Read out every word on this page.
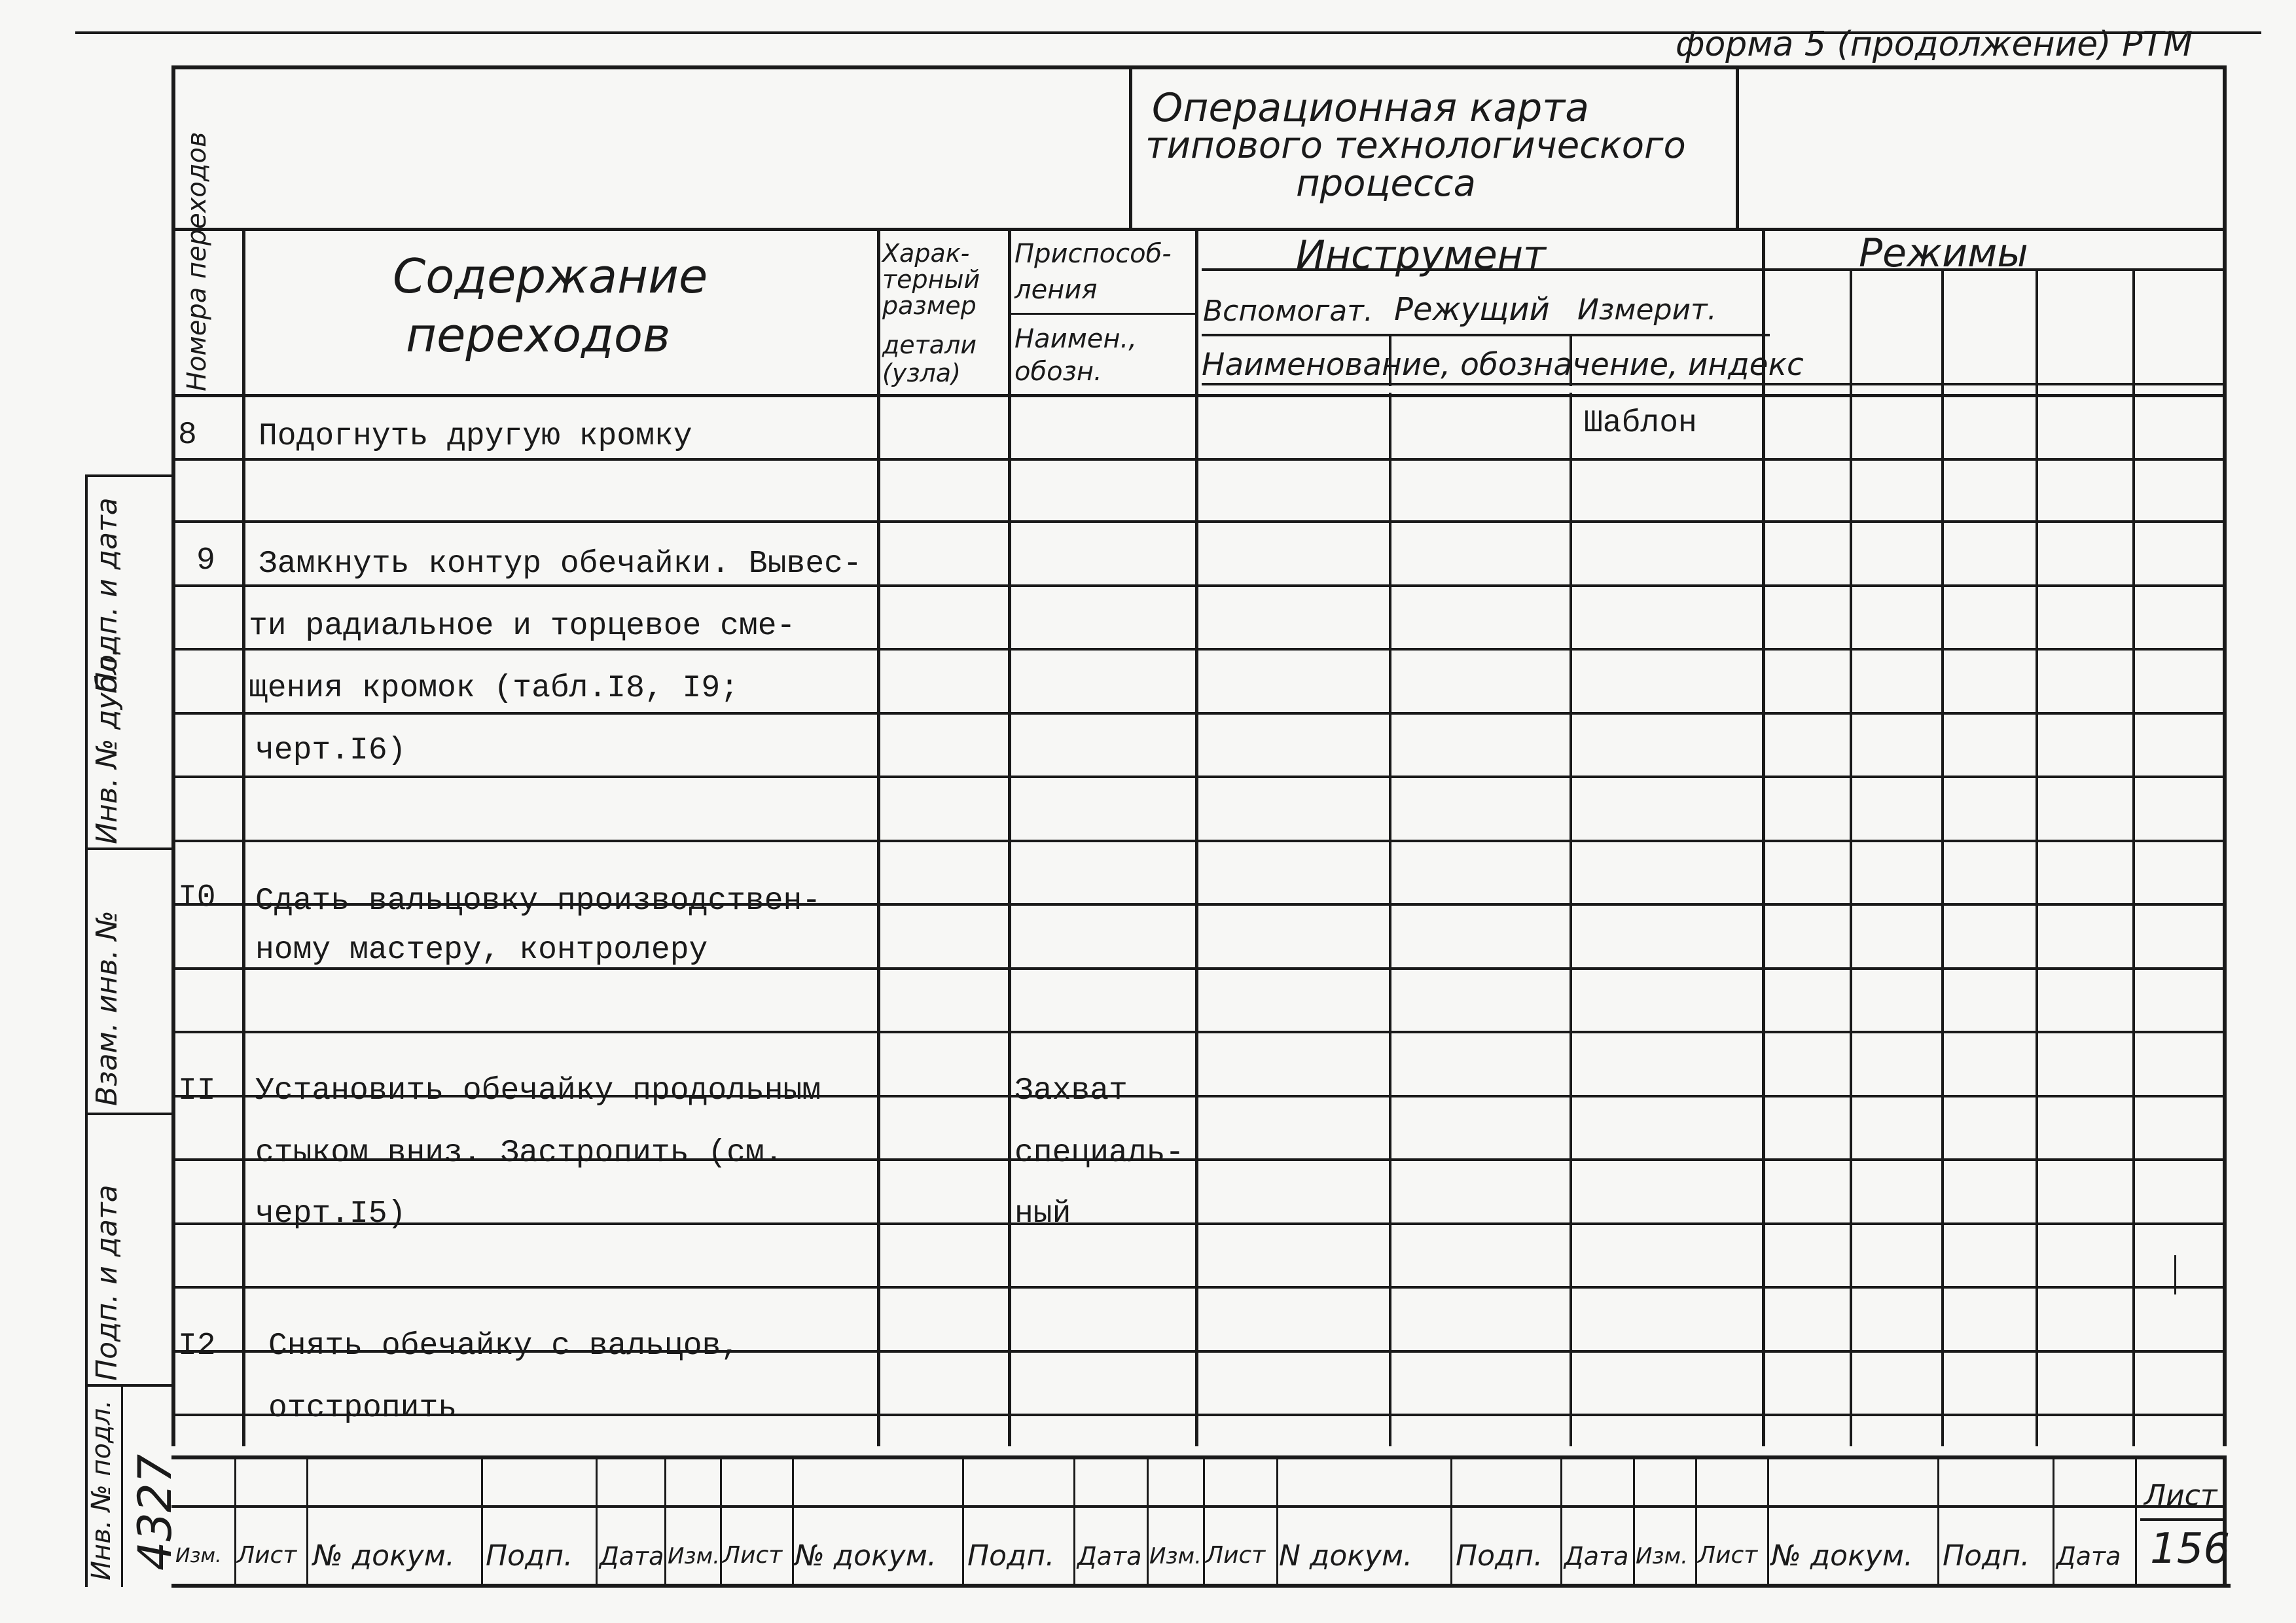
форма 5 (продолжение) РТМ
Операционная карта
типового технологического
процесса
Номера переходов	Содержание
переходов
Харак-
терный
размер
детали
(узла)
Приспособ-
ления
Наимен.,
обозн.
Инструмент
Вспомогат. Режущий Измерит.
Наименование, обозначение, индекс
Режимы
8 Подогнуть другую кромку	Шаблон
9 Замкнуть контур обечайки. Вывес-
ти радиальное и торцевое сме-
щения кромок (табл.I8, I9;
черт.I6)
I0 Сдать вальцовку производствен-
ному мастеру, контролеру
II Установить обечайку продольным
стыком вниз. Застропить (см.
черт.I5)
Захват
специаль-
ный
I2 Снять обечайку с вальцов,
отстропить
Подп. и дата
Инв. № дубл.
Взам. инв. №
Подп. и дата
Инв. № подл. 4327
Изм. Лист № докум. Подп. Дата Изм. Лист № докум. Подп. Дата Изм. Лист N докум. Подп. Дата Изм. Лист № докум. Подп. Дата
Лист
156
